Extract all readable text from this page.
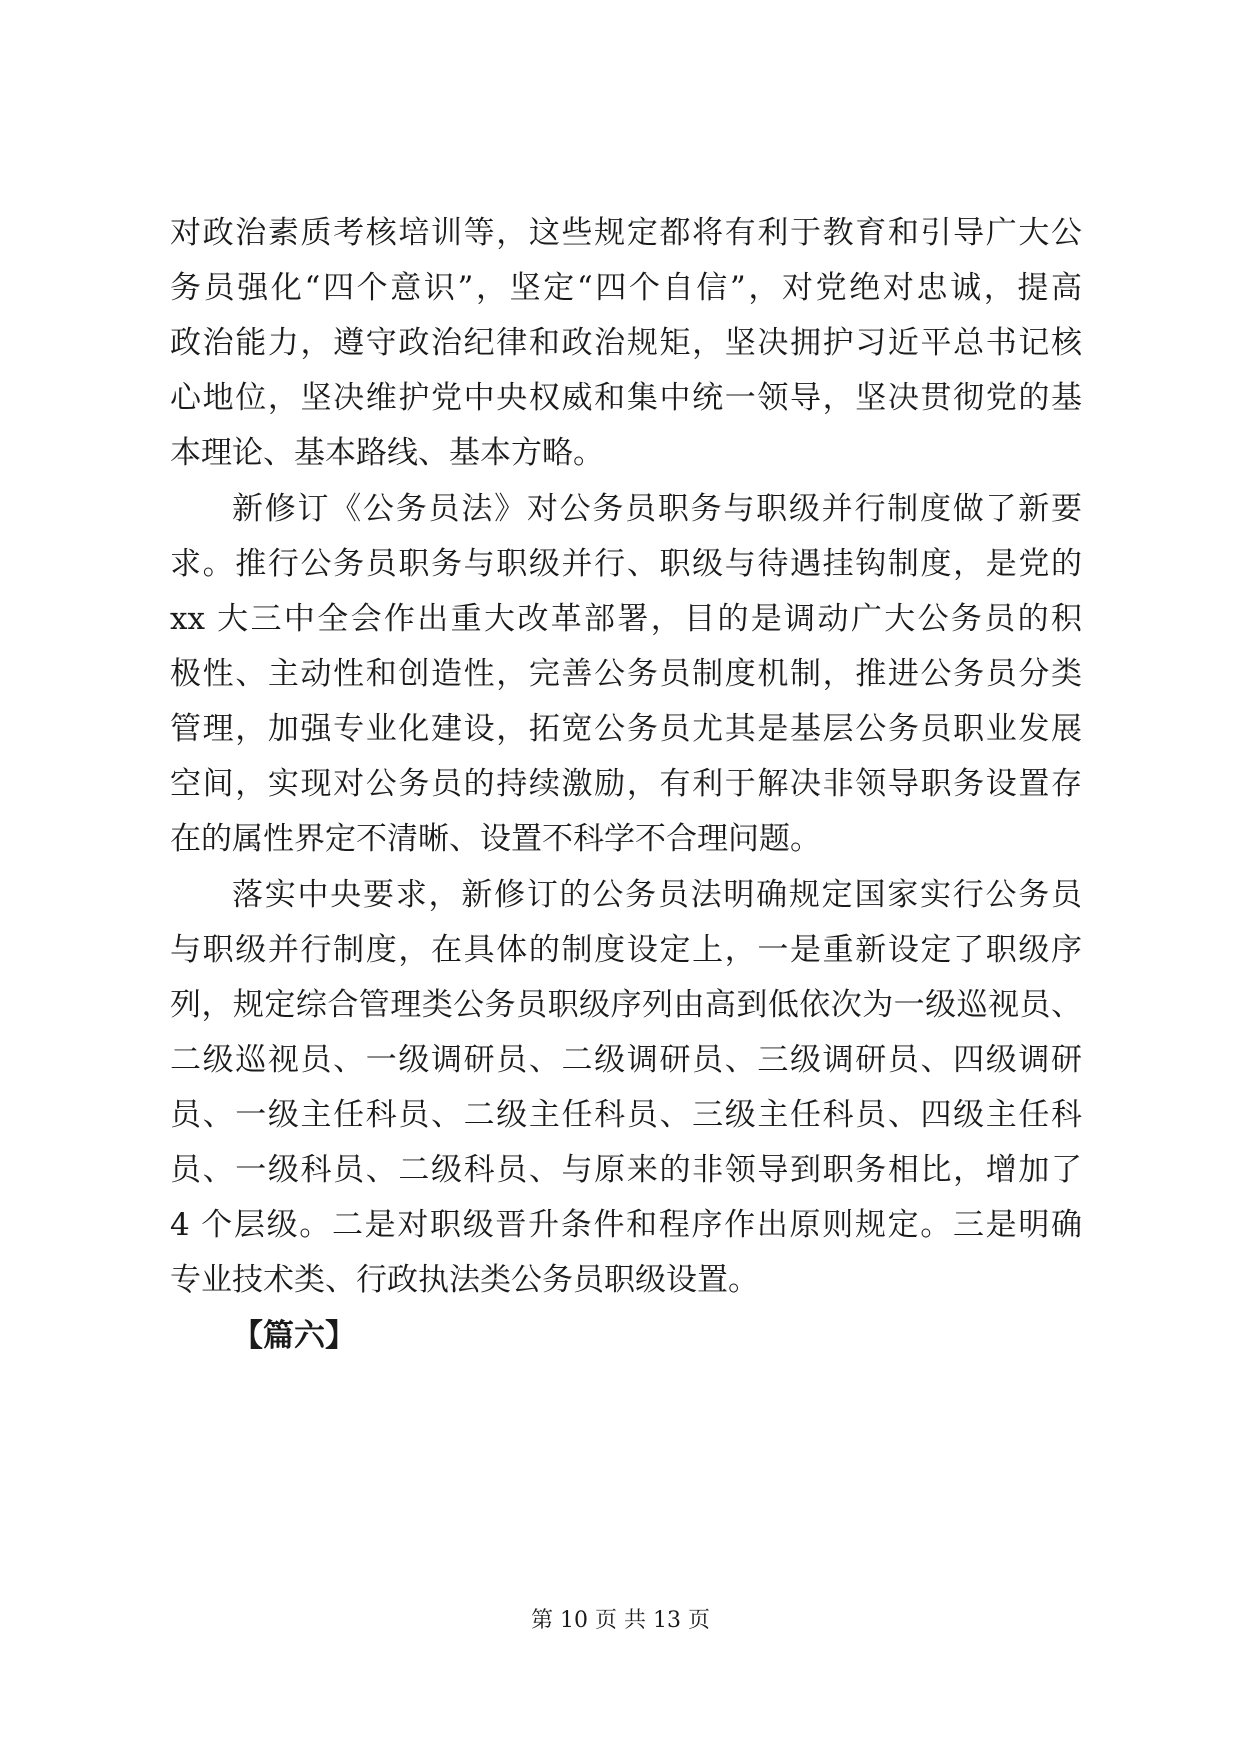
对政治素质考核培训等，这些规定都将有利于教育和引导广大公
务员强化“四个意识”，坚定“四个自信”，对党绝对忠诚，提高
政治能力，遵守政治纪律和政治规矩，坚决拥护习近平总书记核
心地位，坚决维护党中央权威和集中统一领导，坚决贯彻党的基
本理论、基本路线、基本方略。
新修订《公务员法》对公务员职务与职级并行制度做了新要
求。推行公务员职务与职级并行、职级与待遇挂钩制度，是党的
xx 大三中全会作出重大改革部署，目的是调动广大公务员的积
极性、主动性和创造性，完善公务员制度机制，推进公务员分类
管理，加强专业化建设，拓宽公务员尤其是基层公务员职业发展
空间，实现对公务员的持续激励，有利于解决非领导职务设置存
在的属性界定不清晰、设置不科学不合理问题。
落实中央要求，新修订的公务员法明确规定国家实行公务员
与职级并行制度，在具体的制度设定上，一是重新设定了职级序
列，规定综合管理类公务员职级序列由高到低依次为一级巡视员、
二级巡视员、一级调研员、二级调研员、三级调研员、四级调研
员、一级主任科员、二级主任科员、三级主任科员、四级主任科
员、一级科员、二级科员、与原来的非领导到职务相比，增加了
4 个层级。二是对职级晋升条件和程序作出原则规定。三是明确
专业技术类、行政执法类公务员职级设置。
【篇六】
第 10 页 共 13 页
